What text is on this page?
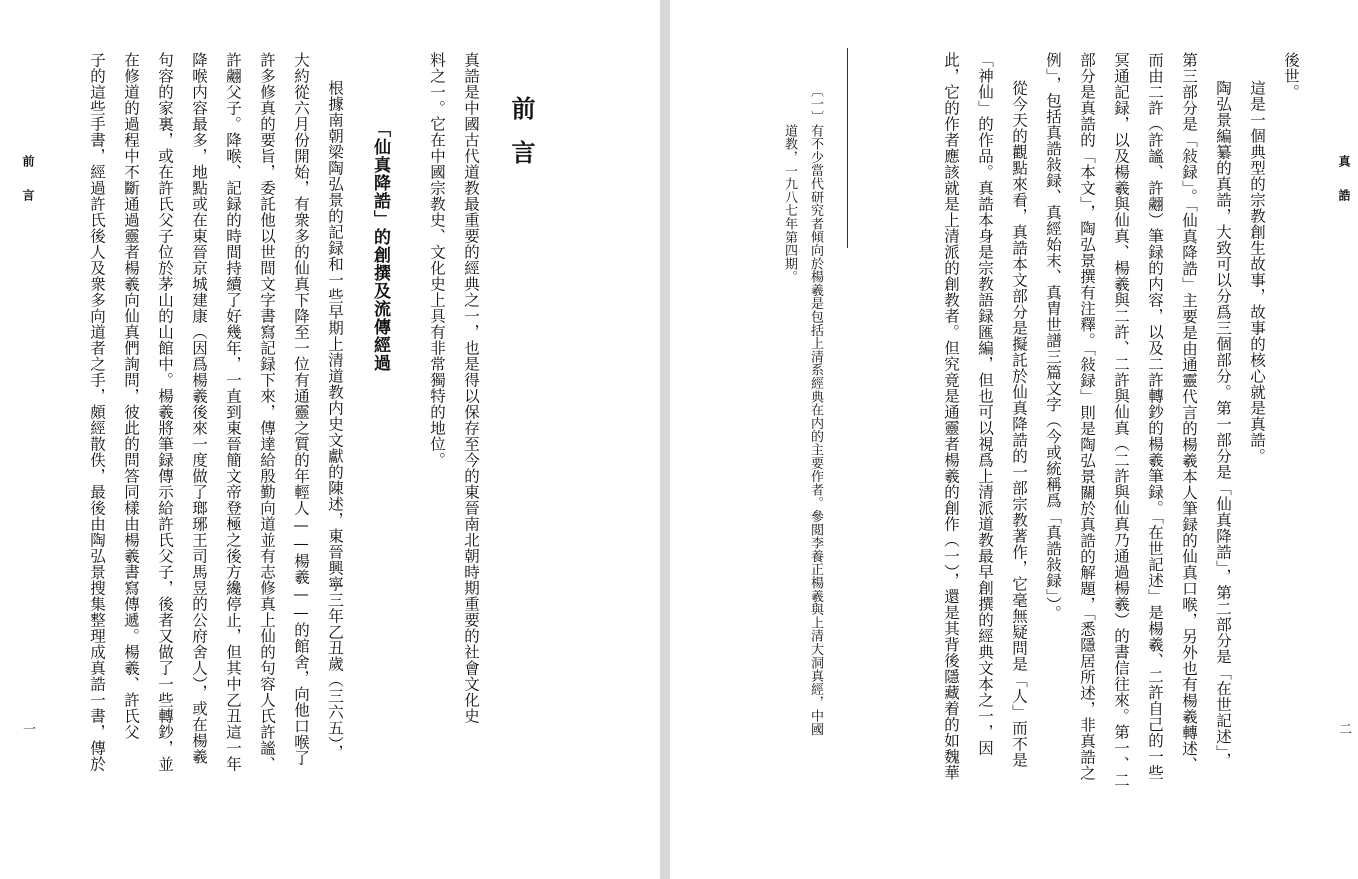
前言
一
前言
真誥是中國古代道教最重要的經典之一，也是得以保存至今的東晉南北朝時期重要的社會文化史
料之一。它在中國宗教史、文化史上具有非常獨特的地位。
「仙真降誥」的創撰及流傳經過
根據南朝梁陶弘景的記録和一些早期上清道教内史文獻的陳述，東晉興寧三年乙丑歲（三六五），
大約從六月份開始，有衆多的仙真下降至一位有通靈之質的年輕人——楊羲——的館舍，向他口喉了
許多修真的要旨，委託他以世間文字書寫記録下來，傳達給殷勤向道並有志修真上仙的句容人氏許謐、
許翽父子。降喉、記録的時間持續了好幾年，一直到東晉簡文帝登極之後方纔停止，但其中乙丑這一年
降喉内容最多，地點或在東晉京城建康（因爲楊羲後來一度做了瑯琊王司馬昱的公府舍人），或在楊羲
句容的家裏，或在許氏父子位於茅山的山館中。楊羲將筆録傳示給許氏父子，後者又做了一些轉鈔，並
在修道的過程中不斷通過靈者楊羲向仙真們詢問，彼此的問答同樣由楊羲書寫傳遞。楊羲、許氏父
子的這些手書，經過許氏後人及衆多向道者之手，頗經散佚，最後由陶弘景搜集整理成真誥一書，傳於	真誥
二
後世。
這是一個典型的宗教創生故事，故事的核心就是真誥。
陶弘景編纂的真誥，大致可以分爲三個部分。第一部分是「仙真降誥」，第二部分是「在世記述」，
第三部分是「敍録」。「仙真降誥」主要是由通靈代言的楊羲本人筆録的仙真口喉，另外也有楊羲轉述、
而由二許（許謐、許翽）筆録的内容，以及二許轉鈔的楊羲筆録。「在世記述」是楊羲、二許自己的一些
冥通記録，以及楊羲與仙真、楊羲與二許、二許與仙真（二許與仙真乃通過楊羲）的書信往來。第一、二
部分是真誥的「本文」，陶弘景撰有注釋。「敍録」則是陶弘景關於真誥的解題，「悉隱居所述，非真誥之
例」，包括真誥敍録、真經始末、真胄世譜三篇文字（今或統稱爲「真誥敍録」）。
從今天的觀點來看，真誥本文部分是擬託於仙真降誥的一部宗教著作，它毫無疑問是「人」而不是
「神仙」的作品。真誥本身是宗教語録匯編，但也可以視爲上清派道教最早創撰的經典文本之一，因
此，它的作者應該就是上清派的創教者。但究竟是通靈者楊羲的創作（一），還是其背後隱藏着的如魏華
〔一〕有不少當代研究者傾向於楊羲是包括上清系經典在内的主要作者。參閲李養正楊羲與上清大洞真經，中國
道教，一九八七年第四期。
